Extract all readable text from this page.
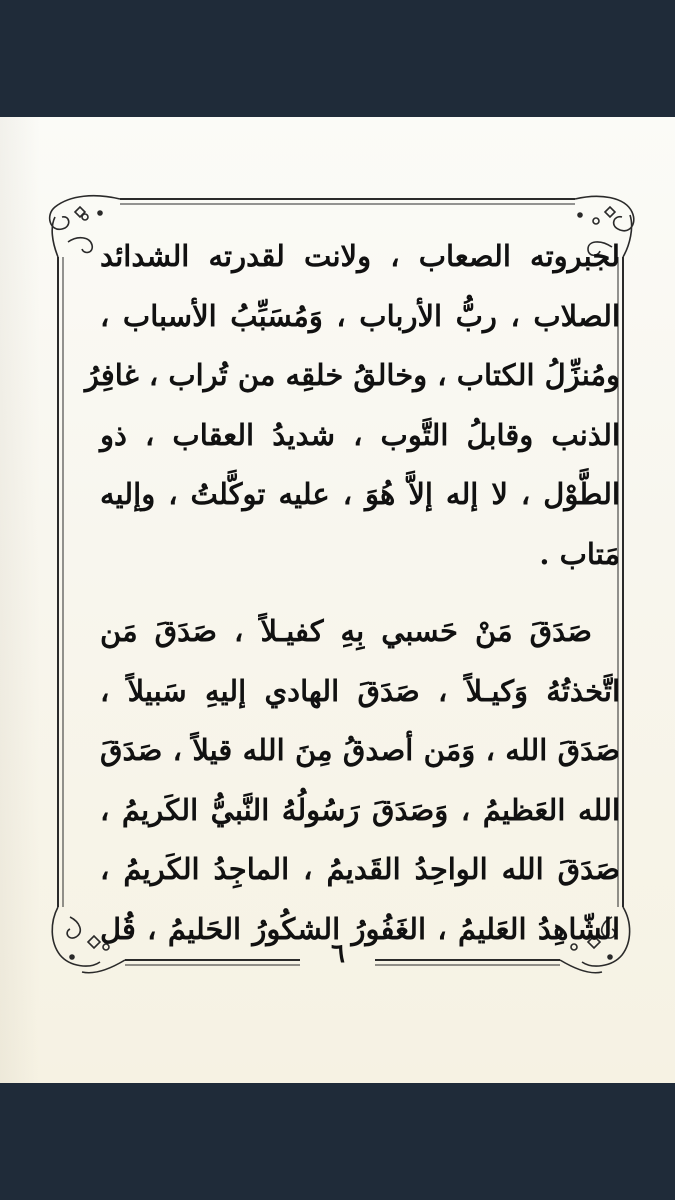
لجبروته الصعاب ، ولانت لقدرته الشدائد
الصلاب ، ربُّ الأرباب ، وَمُسَبِّبُ الأسباب ،
ومُنزِّلُ الكتاب ، وخالقُ خلقِه من تُراب ، غافِرُ
الذنب وقابلُ التَّوب ، شديدُ العقاب ، ذو
الطَّوْل ، لا إله إلاَّ هُوَ ، عليه توكَّلتُ ، وإليه
مَتاب .
صَدَقَ مَنْ حَسبي بِهِ كفيـلاً ، صَدَقَ مَن
اتَّخذتُهُ وَكيـلاً ، صَدَقَ الهادي إليهِ سَبيلاً ،
صَدَقَ الله ، وَمَن أصدقُ مِنَ الله قيلاً ، صَدَقَ
الله العَظيمُ ، وَصَدَقَ رَسُولُهُ النَّبيُّ الكَريمُ ،
صَدَقَ الله الواحِدُ القَديمُ ، الماجِدُ الكَريمُ ،
الشّاهِدُ العَليمُ ، الغَفُورُ الشكُورُ الحَليمُ ، قُل
٦
